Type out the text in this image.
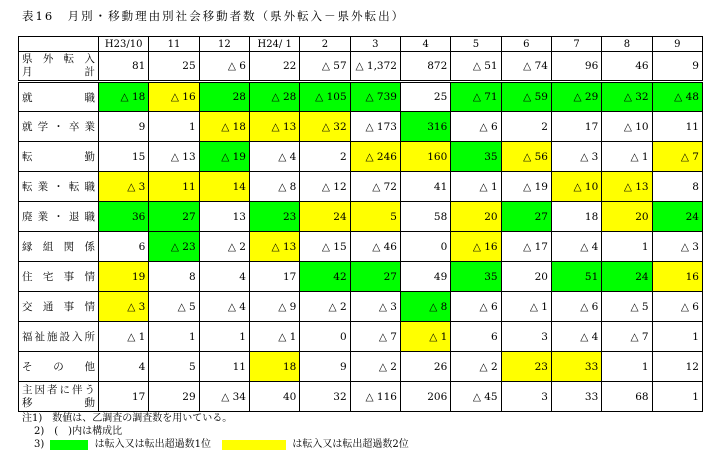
表16　月別・移動理由別社会移動者数（県外転入－県外転出）
	H23/10	11	12	H24/ 1	2	3	4	5	6	7	8	9

県外転入
月計	81	25	△ 6	22	△ 57	△ 1,372	872	△ 51	△ 74	96	46	9
就職	△ 18	△ 16	28	△ 28	△ 105	△ 739	25	△ 71	△ 59	△ 29	△ 32	△ 48
就学・卒業	9	1	△ 18	△ 13	△ 32	△ 173	316	△ 6	2	17	△ 10	11
転勤	15	△ 13	△ 19	△ 4	2	△ 246	160	35	△ 56	△ 3	△ 1	△ 7
転業・転職	△ 3	11	14	△ 8	△ 12	△ 72	41	△ 1	△ 19	△ 10	△ 13	8
廃業・退職	36	27	13	23	24	5	58	20	27	18	20	24
縁組関係	6	△ 23	△ 2	△ 13	△ 15	△ 46	0	△ 16	△ 17	△ 4	1	△ 3
住宅事情	19	8	4	17	42	27	49	35	20	51	24	16
交通事情	△ 3	△ 5	△ 4	△ 9	△ 2	△ 3	△ 8	△ 6	△ 1	△ 6	△ 5	△ 6
福祉施設入所	△ 1	1	1	△ 1	0	△ 7	△ 1	6	3	△ 4	△ 7	1
その他	4	5	11	18	9	△ 2	26	△ 2	23	33	1	12

主因者に伴う
移動	17	29	△ 34	40	32	△ 116	206	△ 45	3	33	68	1
注1)　数値は、乙調査の調査数を用いている。
2)　(　)内は構成比
3)	は転入又は転出超過数1位	は転入又は転出超過数2位
